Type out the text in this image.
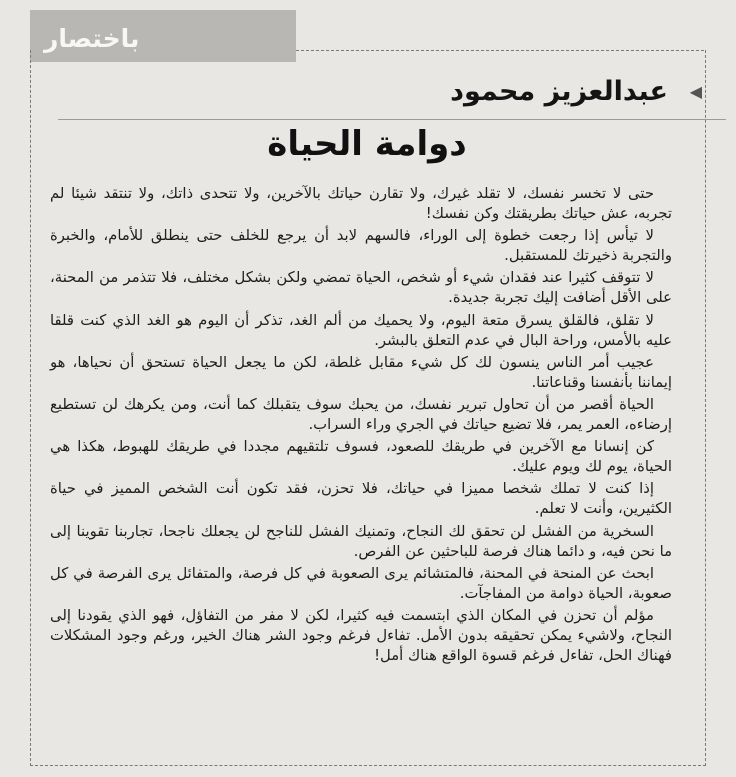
باختصار
◀
عبدالعزيز محمود
دوامة الحياة

حتى لا تخسر نفسك، لا تقلد غيرك، ولا تقارن حياتك بالآخرين، ولا تتحدى ذاتك، ولا تنتقد شيئا لم تجربه، عش حياتك بطريقتك وكن نفسك!

لا تيأس إذا رجعت خطوة إلى الوراء، فالسهم لابد أن يرجع للخلف حتى ينطلق للأمام، والخبرة والتجربة ذخيرتك للمستقبل.

لا تتوقف كثيرا عند فقدان شيء أو شخص، الحياة تمضي ولكن بشكل مختلف، فلا تتذمر من المحنة، على الأقل أضافت إليك تجربة جديدة.

لا تقلق، فالقلق يسرق متعة اليوم، ولا يحميك من ألم الغد، تذكر أن اليوم هو الغد الذي كنت قلقا عليه بالأمس، وراحة البال في عدم التعلق بالبشر.

عجيب أمر الناس ينسون لك كل شيء مقابل غلطة، لكن ما يجعل الحياة تستحق أن نحياها، هو إيماننا بأنفسنا وقناعاتنا.

الحياة أقصر من أن تحاول تبرير نفسك، من يحبك سوف يتقبلك كما أنت، ومن يكرهك لن تستطيع إرضاءه، العمر يمر، فلا تضيع حياتك في الجري وراء السراب.

كن إنسانا مع الآخرين في طريقك للصعود، فسوف تلتقيهم مجددا في طريقك للهبوط، هكذا هي الحياة، يوم لك ويوم عليك.

إذا كنت لا تملك شخصا مميزا في حياتك، فلا تحزن، فقد تكون أنت الشخص المميز في حياة الكثيرين، وأنت لا تعلم.

السخرية من الفشل لن تحقق لك النجاح، وتمنيك الفشل للناجح لن يجعلك ناجحا، تجاربنا تقوينا إلى ما نحن فيه، و دائما هناك فرصة للباحثين عن الفرص.

ابحث عن المنحة في المحنة، فالمتشائم يرى الصعوبة في كل فرصة، والمتفائل يرى الفرصة في كل صعوبة، الحياة دوامة من المفاجآت.

مؤلم أن تحزن في المكان الذي ابتسمت فيه كثيرا، لكن لا مفر من التفاؤل، فهو الذي يقودنا إلى النجاح، ولاشيء يمكن تحقيقه بدون الأمل. تفاءل فرغم وجود الشر هناك الخير، ورغم وجود المشكلات فهناك الحل، تفاءل فرغم قسوة الواقع هناك أمل!
